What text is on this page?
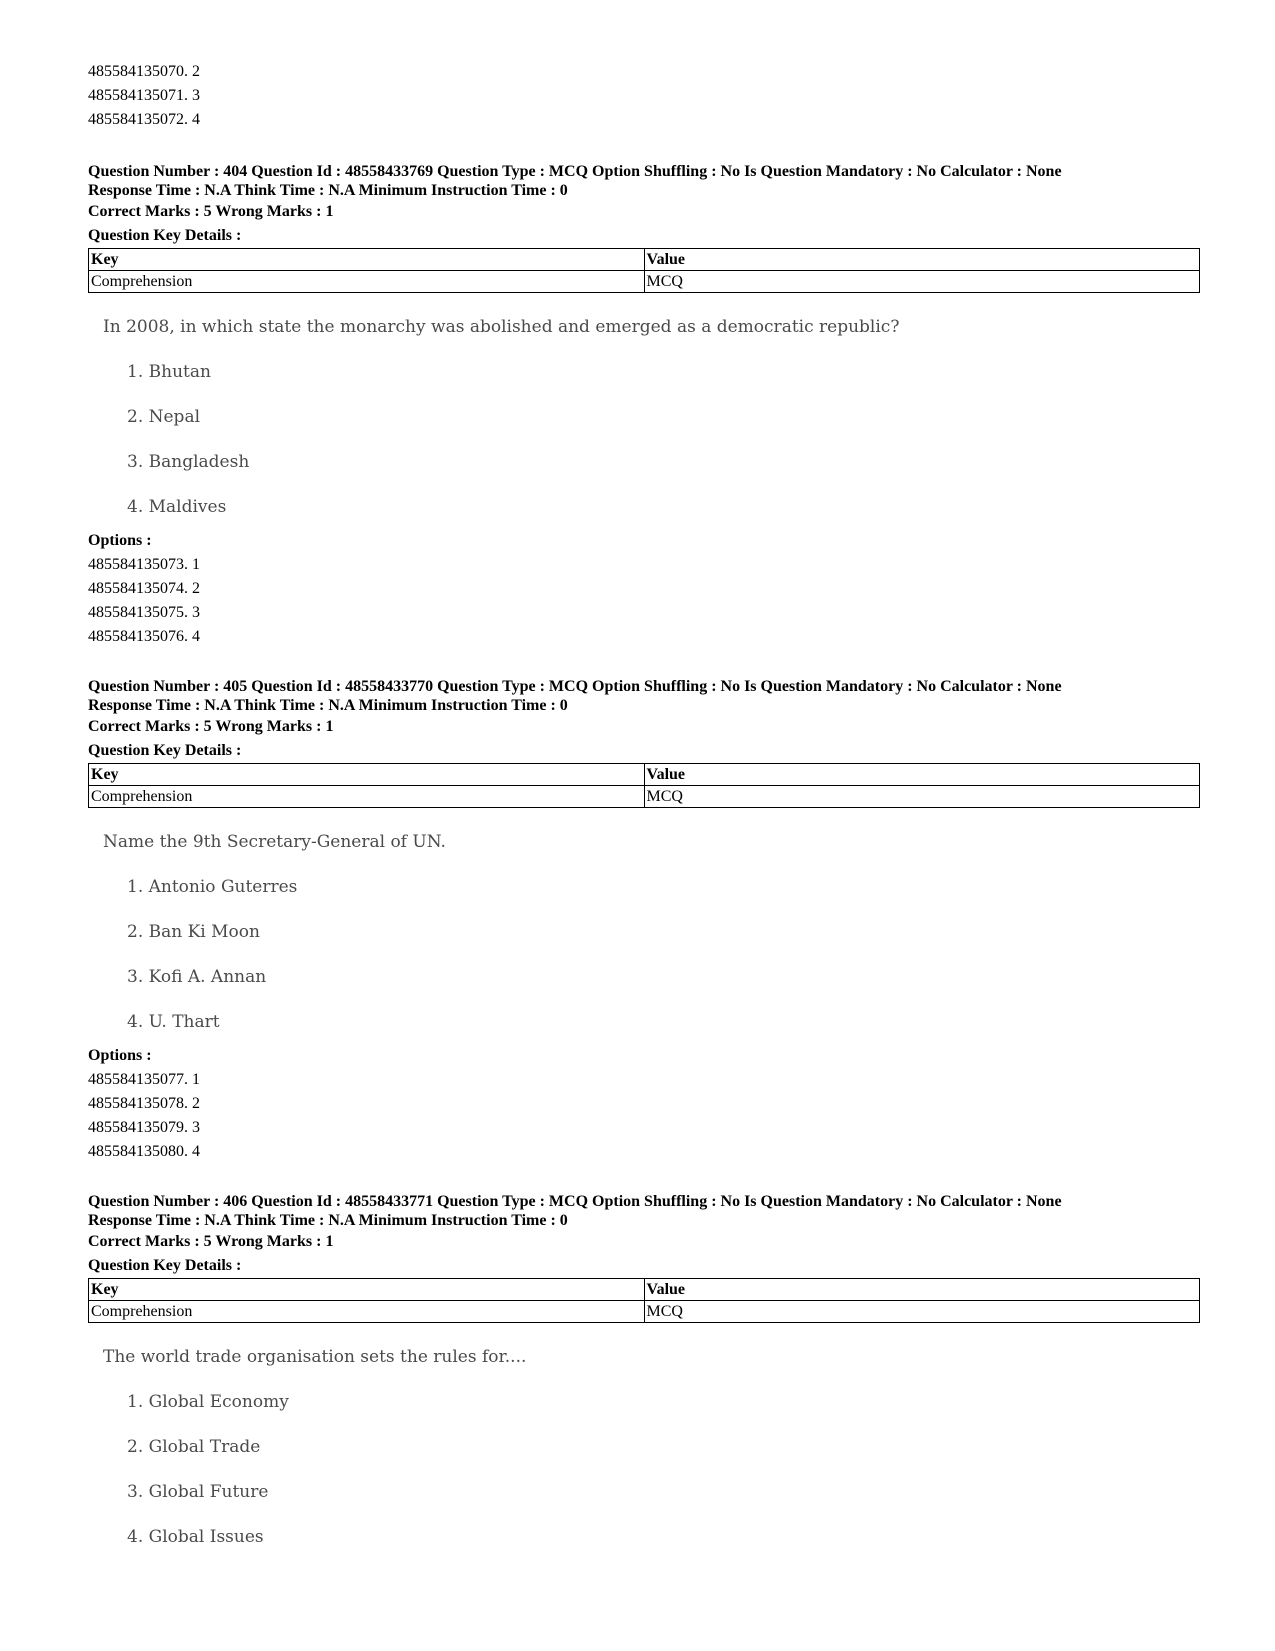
485584135070. 2
485584135071. 3
485584135072. 4
Question Number : 404 Question Id : 48558433769 Question Type : MCQ Option Shuffling : No Is Question Mandatory : No Calculator : None
Response Time : N.A Think Time : N.A Minimum Instruction Time : 0
Correct Marks : 5 Wrong Marks : 1
Question Key Details :
Key	Value
Comprehension	MCQ
In 2008, in which state the monarchy was abolished and emerged as a democratic republic?
1. Bhutan
2. Nepal
3. Bangladesh
4. Maldives
Options :
485584135073. 1
485584135074. 2
485584135075. 3
485584135076. 4
Question Number : 405 Question Id : 48558433770 Question Type : MCQ Option Shuffling : No Is Question Mandatory : No Calculator : None
Response Time : N.A Think Time : N.A Minimum Instruction Time : 0
Correct Marks : 5 Wrong Marks : 1
Question Key Details :
Key	Value
Comprehension	MCQ
Name the 9th Secretary-General of UN.
1. Antonio Guterres
2. Ban Ki Moon
3. Kofi A. Annan
4. U. Thart
Options :
485584135077. 1
485584135078. 2
485584135079. 3
485584135080. 4
Question Number : 406 Question Id : 48558433771 Question Type : MCQ Option Shuffling : No Is Question Mandatory : No Calculator : None
Response Time : N.A Think Time : N.A Minimum Instruction Time : 0
Correct Marks : 5 Wrong Marks : 1
Question Key Details :
Key	Value
Comprehension	MCQ
The world trade organisation sets the rules for....
1. Global Economy
2. Global Trade
3. Global Future
4. Global Issues
